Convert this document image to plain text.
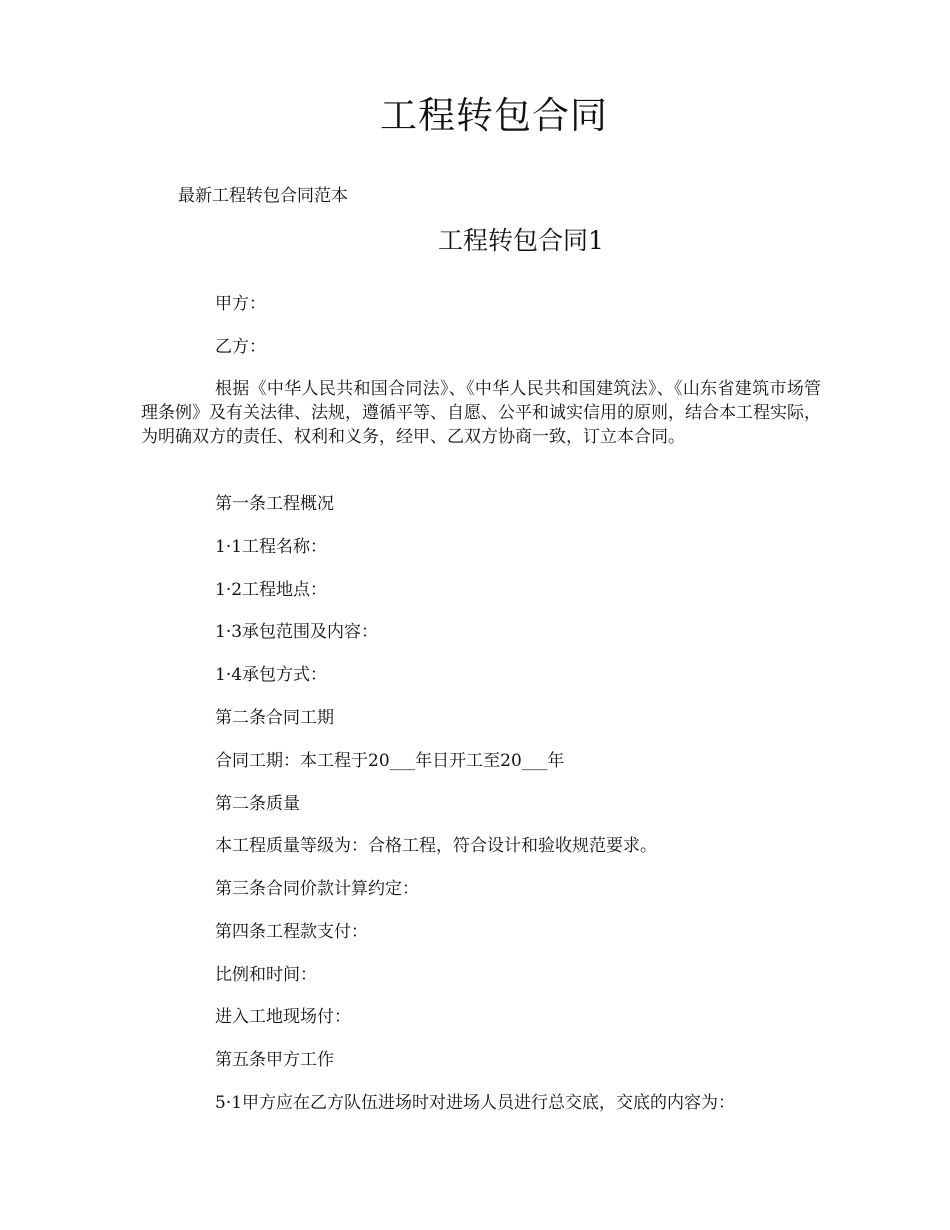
工程转包合同
最新工程转包合同范本
工程转包合同1
甲方：
乙方：
根据《中华人民共和国合同法》、《中华人民共和国建筑法》、《山东省建筑市场管理条例》及有关法律、法规，遵循平等、自愿、公平和诚实信用的原则，结合本工程实际，为明确双方的责任、权利和义务，经甲、乙双方协商一致，订立本合同。
第一条工程概况
1·1工程名称：
1·2工程地点：
1·3承包范围及内容：
1·4承包方式：
第二条合同工期
合同工期：本工程于20___年日开工至20___年
第二条质量
本工程质量等级为：合格工程，符合设计和验收规范要求。
第三条合同价款计算约定：
第四条工程款支付：
比例和时间：
进入工地现场付：
第五条甲方工作
5·1甲方应在乙方队伍进场时对进场人员进行总交底，交底的内容为：
